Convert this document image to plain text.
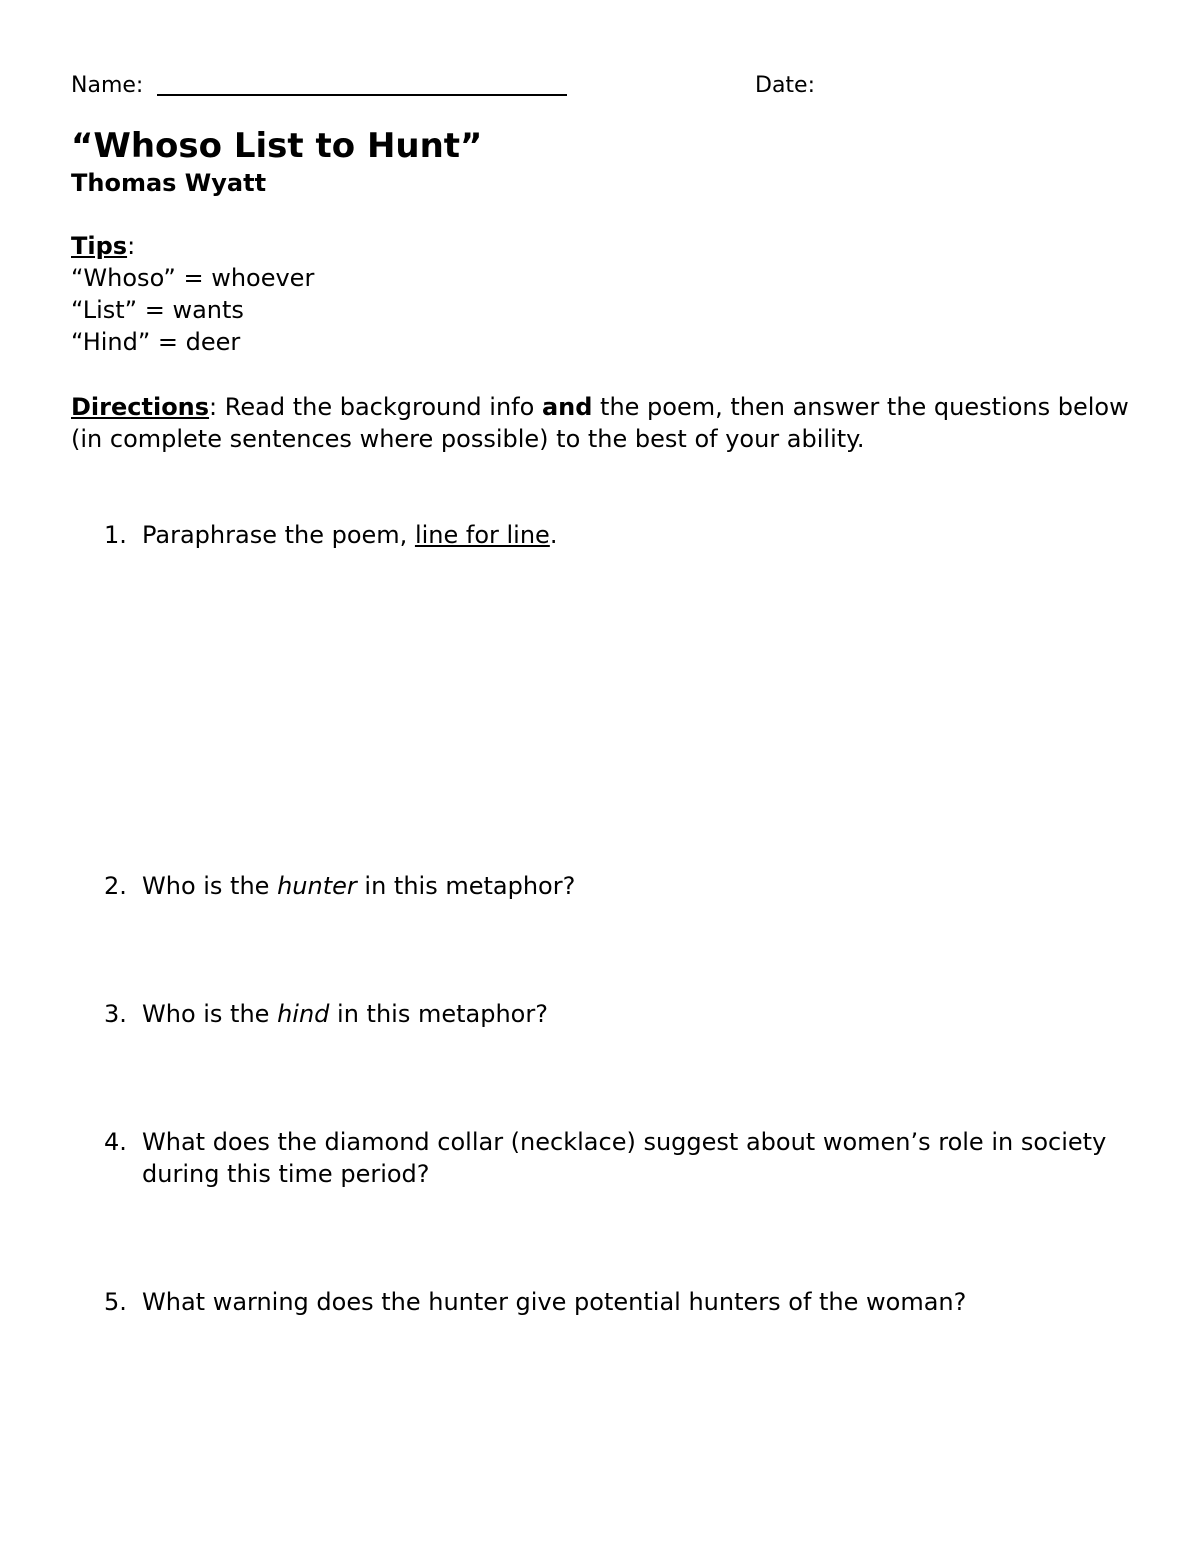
Name:	Date:
“Whoso List to Hunt”
Thomas Wyatt
Tips:
“Whoso” = whoever
“List” = wants
“Hind” = deer
Directions: Read the background info and the poem, then answer the questions below (in complete sentences where possible) to the best of your ability.
1. Paraphrase the poem, line for line.
2. Who is the hunter in this metaphor?
3. Who is the hind in this metaphor?
4. What does the diamond collar (necklace) suggest about women’s role in society during this time period?
5. What warning does the hunter give potential hunters of the woman?
